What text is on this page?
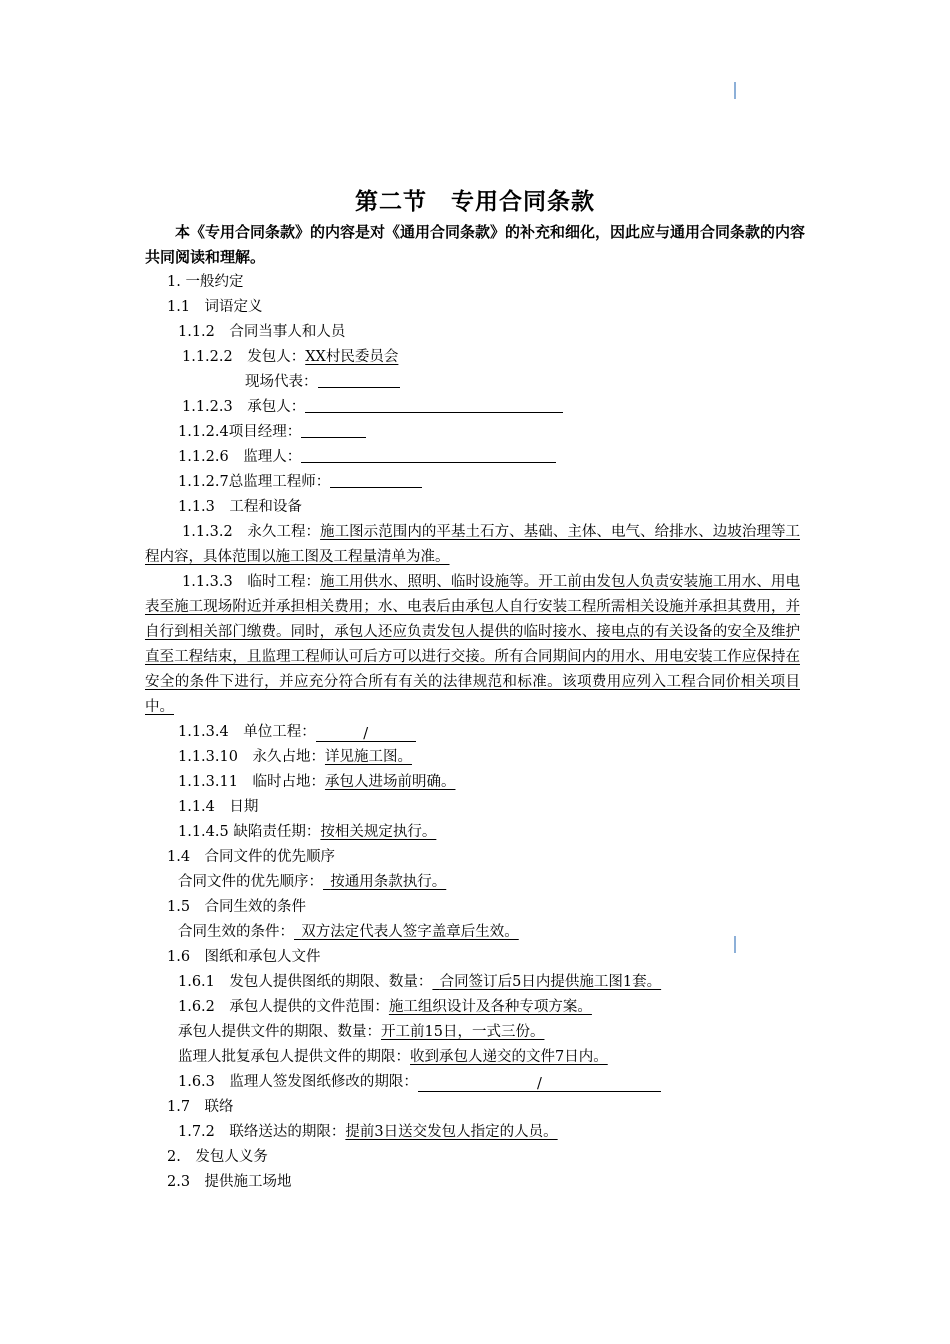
第二节　专用合同条款
本《专用合同条款》的内容是对《通用合同条款》的补充和细化，因此应与通用合同条款的内容共同阅读和理解。
1. 一般约定
1.1　词语定义
1.1.2　合同当事人和人员
1.1.2.2　发包人：XX村民委员会
现场代表：
1.1.2.3　承包人：
1.1.2.4项目经理：
1.1.2.6　监理人：
1.1.2.7总监理工程师：
1.1.3　工程和设备
1.1.3.2　永久工程：施工图示范围内的平基土石方、基础、主体、电气、给排水、边坡治理等工程内容，具体范围以施工图及工程量清单为准。
1.1.3.3　临时工程：施工用供水、照明、临时设施等。开工前由发包人负责安装施工用水、用电表至施工现场附近并承担相关费用；水、电表后由承包人自行安装工程所需相关设施并承担其费用，并自行到相关部门缴费。同时，承包人还应负责发包人提供的临时接水、接电点的有关设备的安全及维护直至工程结束，且监理工程师认可后方可以进行交接。所有合同期间内的用水、用电安装工作应保持在安全的条件下进行，并应充分符合所有有关的法律规范和标准。该项费用应列入工程合同价相关项目中。
1.1.3.4　单位工程：	/
1.1.3.10　永久占地：详见施工图。
1.1.3.11　临时占地：承包人进场前明确。
1.1.4　日期
1.1.4.5 缺陷责任期：按相关规定执行。
1.4　合同文件的优先顺序
合同文件的优先顺序：  按通用条款执行。
1.5　合同生效的条件
合同生效的条件：  双方法定代表人签字盖章后生效。
1.6　图纸和承包人文件
1.6.1　发包人提供图纸的期限、数量：  合同签订后5日内提供施工图1套。
1.6.2　承包人提供的文件范围：施工组织设计及各种专项方案。
承包人提供文件的期限、数量：开工前15日，一式三份。
监理人批复承包人提供文件的期限：收到承包人递交的文件7日内。
1.6.3　监理人签发图纸修改的期限：	/
1.7　联络
1.7.2　联络送达的期限：提前3日送交发包人指定的人员。
2.　发包人义务
2.3　提供施工场地
